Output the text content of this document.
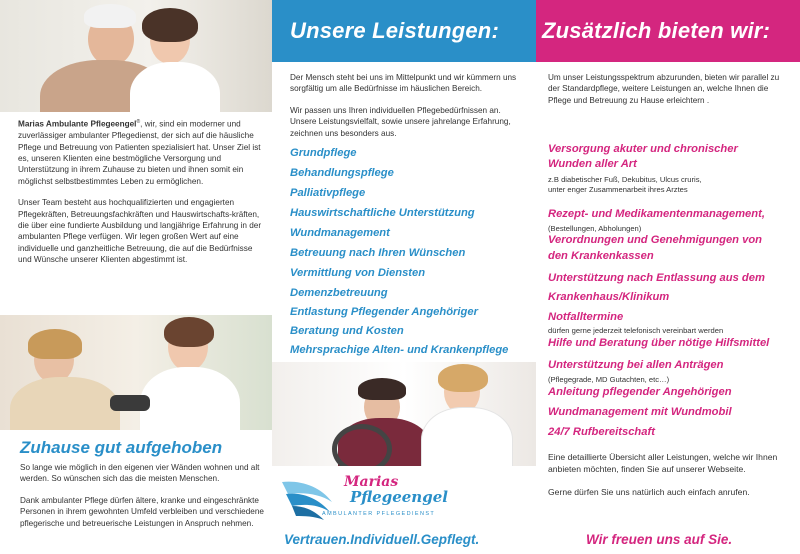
Marias Ambulante Pflegeengel®, wir, sind ein moderner und zuverlässiger ambulanter Pflegedienst, der sich auf die häusliche Pflege und Betreuung von Patienten spezialisiert hat. Unser Ziel ist es, unseren Klienten eine bestmögliche Versorgung und Unterstützung in ihrem Zuhause zu bieten und ihnen somit ein möglichst selbstbestimmtes Leben zu ermöglichen.

Unser Team besteht aus hochqualifizierten und engagierten Pflegekräften, Betreuungsfachkräften und Hauswirtschafts-kräften, die über eine fundierte Ausbildung und langjährige Erfahrung in der ambulanten Pflege verfügen. Wir legen großen Wert auf eine individuelle und ganzheitliche Betreuung, die auf die Bedürfnisse und Wünsche unserer Klienten abgestimmt ist.

Zuhause gut aufgehoben

So lange wie möglich in den eigenen vier Wänden wohnen und alt werden. So wünschen sich das die meisten Menschen.

Dank ambulanter Pflege dürfen ältere, kranke und eingeschränkte Personen in ihrem gewohnten Umfeld verbleiben und verschiedene pflegerische und betreuerische Leistungen in Anspruch nehmen.

Unsere Leistungen:

Der Mensch steht bei uns im Mittelpunkt und wir kümmern uns sorgfältig um alle Bedürfnisse im häuslichen Bereich.

Wir passen uns Ihren individuellen Pflegebedürfnissen an. Unsere Leistungsvielfalt, sowie unsere jahrelange Erfahrung, zeichnen uns besonders aus.

Grundpflege
Behandlungspflege
Palliativpflege
Hauswirtschaftliche Unterstützung
Wundmanagement
Betreuung nach Ihren Wünschen
Vermittlung von Diensten
Demenzbetreuung
Entlastung Pflegender Angehöriger
Beratung und Kosten
Mehrsprachige Alten- und Krankenpflege
Marias
Pflegeengel
AMBULANTER PFLEGEDIENST
Vertrauen.Individuell.Gepflegt.
Zusätzlich bieten wir:
Um unser Leistungsspektrum abzurunden, bieten wir parallel zu der Standardpflege, weitere Leistungen an, welche Ihnen die Pflege und Betreuung zu Hause erleichtern .
Versorgung akuter und chronischer
Wunden aller Art
z.B diabetischer Fuß, Dekubitus, Ulcus cruris,
unter enger Zusammenarbeit ihres Arztes
Rezept- und Medikamentenmanagement,
(Bestellungen, Abholungen)
Verordnungen und Genehmigungen von
den Krankenkassen
Unterstützung nach Entlassung aus dem
Krankenhaus/Klinikum
Notfalltermine
dürfen gerne jederzeit telefonisch vereinbart werden
Hilfe und Beratung über nötige Hilfsmittel
Unterstützung bei allen Anträgen
(Pflegegrade, MD Gutachten, etc…)
Anleitung pflegender Angehörigen
Wundmanagement mit Wundmobil
24/7 Rufbereitschaft

Eine detaillierte Übersicht aller Leistungen, welche wir Ihnen anbieten möchten, finden Sie auf unserer Webseite.

Gerne dürfen Sie uns natürlich auch einfach anrufen.

Wir freuen uns auf Sie.
